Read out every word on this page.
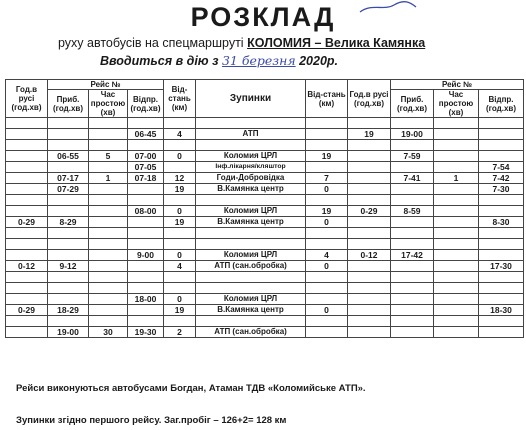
РОЗКЛАД
руху автобусів на спецмаршруті КОЛОМИЯ – Велика Камянка
Вводиться в дію з 31 березня 2020р.
Год.в русі (год.хв)	Рейс №			Від-стань (км)	Зупинки	Від-стань (км)	Год.в русі (год.хв)	Рейс №		
	Приб. (год.хв)	Час простою (хв)	Відпр. (год.хв)					Приб. (год.хв)	Час простою (хв)	Відпр. (год.хв)

			06-45	4	АТП		19	19-00		

	06-55	5	07-00	0	Коломия ЦРЛ	19		7-59		
			07-05		Інф.лікарня/кляштор					7-54
	07-17	1	07-18	12	Годи-Добровідка	7		7-41	1	7-42
	07-29			19	В.Камянка центр	0				7-30

			08-00	0	Коломия ЦРЛ	19	0-29	8-59		
0-29	8-29			19	В.Камянка центр	0				8-30

			9-00	0	Коломия ЦРЛ	4	0-12	17-42		
0-12	9-12			4	АТП (сан.обробка)	0				17-30

			18-00	0	Коломия ЦРЛ					
0-29	18-29			19	В.Камянка центр	0				18-30

	19-00	30	19-30	2	АТП (сан.обробка)					
Рейси виконуються автобусами Богдан, Атаман ТДВ «Коломийське АТП».
Зупинки згідно першого рейсу. Заг.пробіг – 126+2= 128 км
